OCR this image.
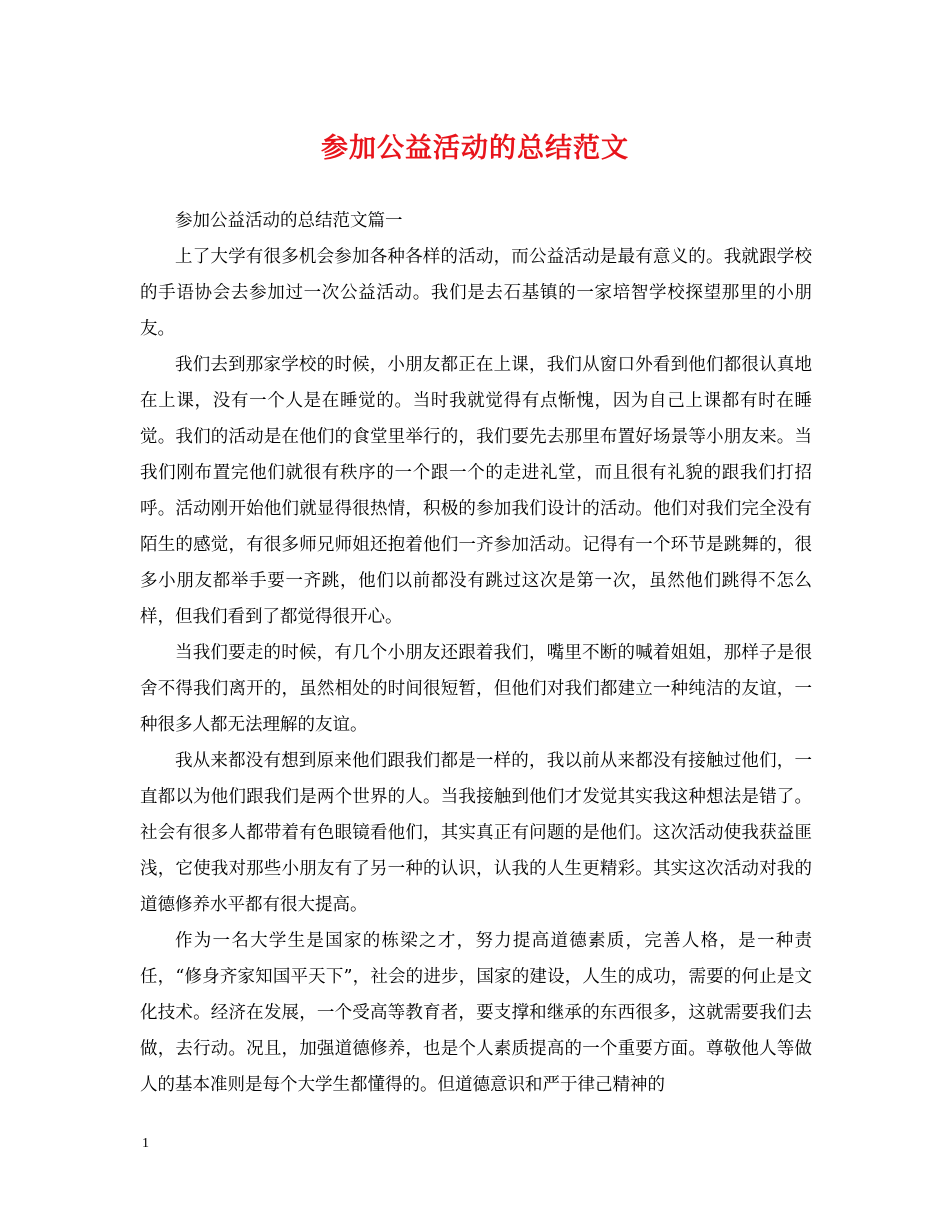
参加公益活动的总结范文

参加公益活动的总结范文篇一

上了大学有很多机会参加各种各样的活动，而公益活动是最有意义的。我就跟学校的手语协会去参加过一次公益活动。我们是去石基镇的一家培智学校探望那里的小朋友。

我们去到那家学校的时候，小朋友都正在上课，我们从窗口外看到他们都很认真地在上课，没有一个人是在睡觉的。当时我就觉得有点惭愧，因为自己上课都有时在睡觉。我们的活动是在他们的食堂里举行的，我们要先去那里布置好场景等小朋友来。当我们刚布置完他们就很有秩序的一个跟一个的走进礼堂，而且很有礼貌的跟我们打招呼。活动刚开始他们就显得很热情，积极的参加我们设计的活动。他们对我们完全没有陌生的感觉，有很多师兄师姐还抱着他们一齐参加活动。记得有一个环节是跳舞的，很多小朋友都举手要一齐跳，他们以前都没有跳过这次是第一次，虽然他们跳得不怎么样，但我们看到了都觉得很开心。

当我们要走的时候，有几个小朋友还跟着我们，嘴里不断的喊着姐姐，那样子是很舍不得我们离开的，虽然相处的时间很短暂，但他们对我们都建立一种纯洁的友谊，一种很多人都无法理解的友谊。

我从来都没有想到原来他们跟我们都是一样的，我以前从来都没有接触过他们，一直都以为他们跟我们是两个世界的人。当我接触到他们才发觉其实我这种想法是错了。社会有很多人都带着有色眼镜看他们，其实真正有问题的是他们。这次活动使我获益匪浅，它使我对那些小朋友有了另一种的认识，认我的人生更精彩。其实这次活动对我的道德修养水平都有很大提高。

作为一名大学生是国家的栋梁之才，努力提高道德素质，完善人格，是一种责任，“修身齐家知国平天下”，社会的进步，国家的建设，人生的成功，需要的何止是文化技术。经济在发展，一个受高等教育者，要支撑和继承的东西很多，这就需要我们去做，去行动。况且，加强道德修养，也是个人素质提高的一个重要方面。尊敬他人等做人的基本准则是每个大学生都懂得的。但道德意识和严于律己精神的

1
